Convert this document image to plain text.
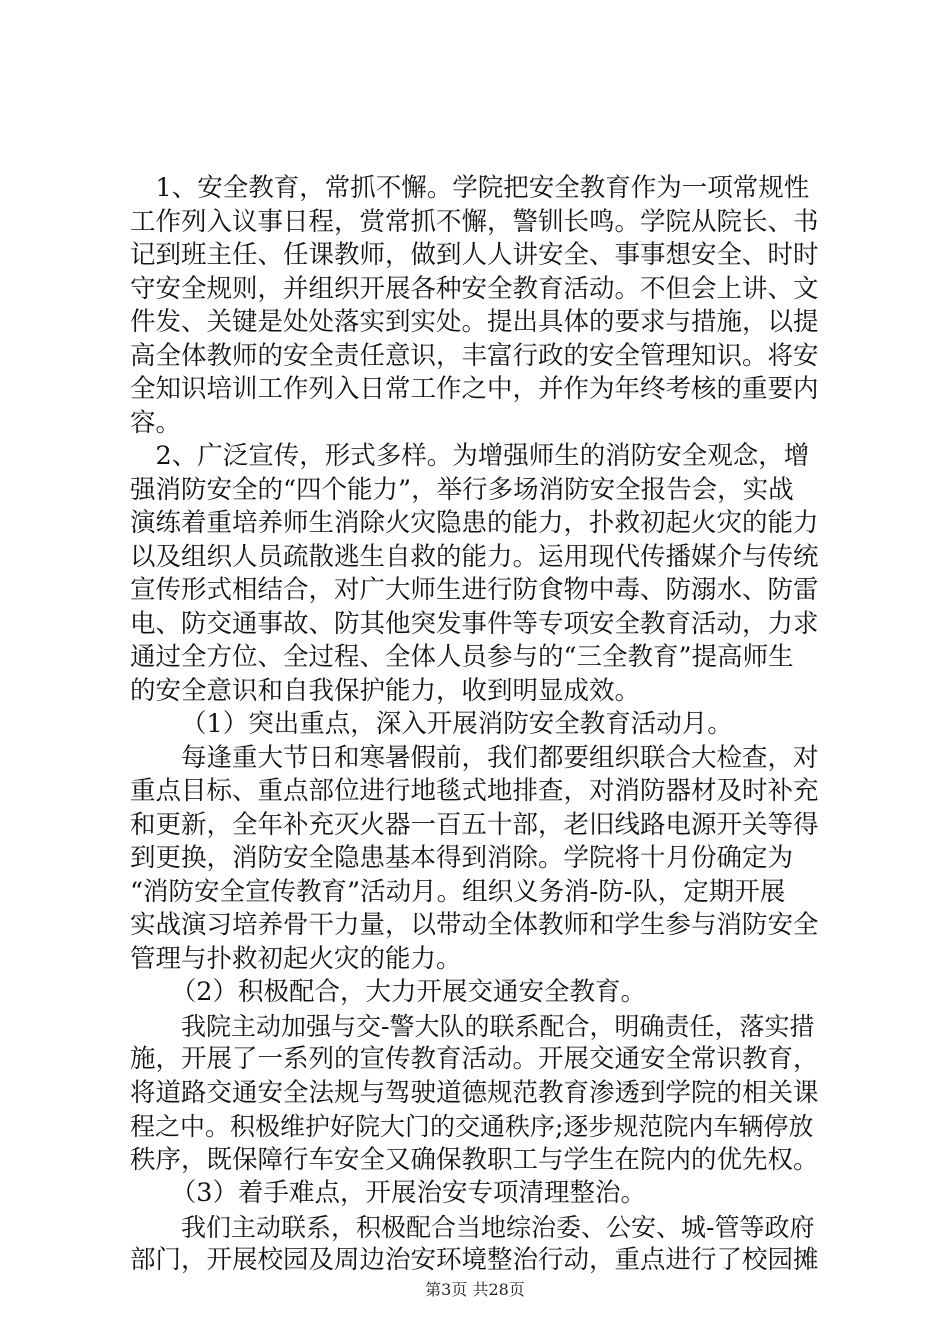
1、安全教育，常抓不懈。学院把安全教育作为一项常规性
工作列入议事日程，赏常抓不懈，警钏长鸣。学院从院长、书
记到班主任、任课教师，做到人人讲安全、事事想安全、时时
守安全规则，并组织开展各种安全教育活动。不但会上讲、文
件发、关键是处处落实到实处。提出具体的要求与措施，以提
高全体教师的安全责任意识，丰富行政的安全管理知识。将安
全知识培训工作列入日常工作之中，并作为年终考核的重要内
容。
2、广泛宣传，形式多样。为增强师生的消防安全观念，增
强消防安全的“四个能力”，举行多场消防安全报告会，实战
演练着重培养师生消除火灾隐患的能力，扑救初起火灾的能力
以及组织人员疏散逃生自救的能力。运用现代传播媒介与传统
宣传形式相结合，对广大师生进行防食物中毒、防溺水、防雷
电、防交通事故、防其他突发事件等专项安全教育活动，力求
通过全方位、全过程、全体人员参与的“三全教育”提高师生
的安全意识和自我保护能力，收到明显成效。
（1）突出重点，深入开展消防安全教育活动月。
每逢重大节日和寒暑假前，我们都要组织联合大检查，对
重点目标、重点部位进行地毯式地排查，对消防器材及时补充
和更新，全年补充灭火器一百五十部，老旧线路电源开关等得
到更换，消防安全隐患基本得到消除。学院将十月份确定为
“消防安全宣传教育”活动月。组织义务消-防-队，定期开展
实战演习培养骨干力量，以带动全体教师和学生参与消防安全
管理与扑救初起火灾的能力。
（2）积极配合，大力开展交通安全教育。
我院主动加强与交-警大队的联系配合，明确责任，落实措
施，开展了一系列的宣传教育活动。开展交通安全常识教育，
将道路交通安全法规与驾驶道德规范教育渗透到学院的相关课
程之中。积极维护好院大门的交通秩序;逐步规范院内车辆停放
秩序，既保障行车安全又确保教职工与学生在院内的优先权。
（3）着手难点，开展治安专项清理整治。
我们主动联系，积极配合当地综治委、公安、城-管等政府
部门，开展校园及周边治安环境整治行动，重点进行了校园摊
第3页 共28页
